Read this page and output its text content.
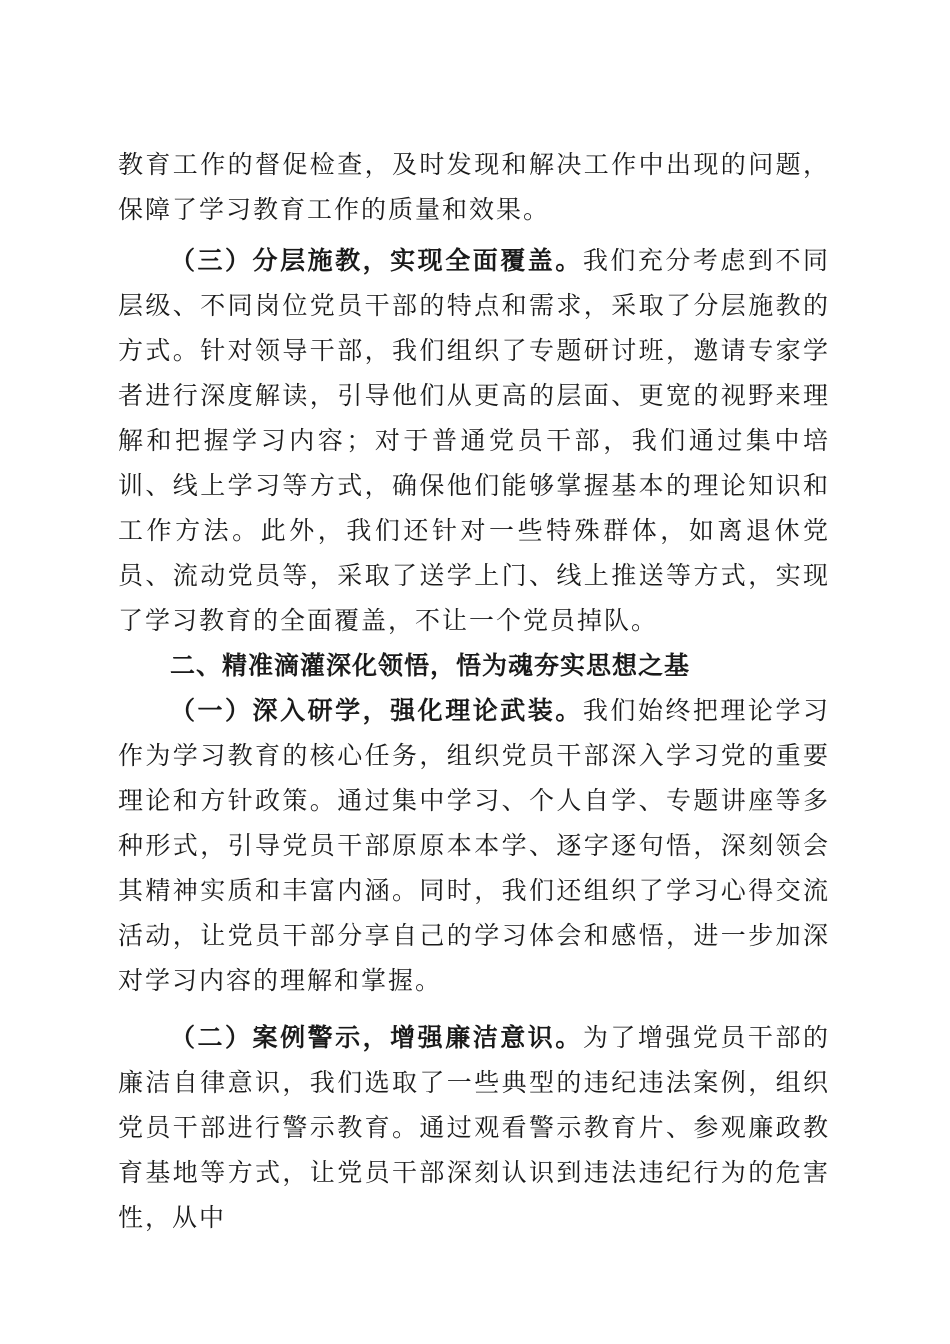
教育工作的督促检查，及时发现和解决工作中出现的问题，保障了学习教育工作的质量和效果。

（三）分层施教，实现全面覆盖。我们充分考虑到不同层级、不同岗位党员干部的特点和需求，采取了分层施教的方式。针对领导干部，我们组织了专题研讨班，邀请专家学者进行深度解读，引导他们从更高的层面、更宽的视野来理解和把握学习内容；对于普通党员干部，我们通过集中培训、线上学习等方式，确保他们能够掌握基本的理论知识和工作方法。此外，我们还针对一些特殊群体，如离退休党员、流动党员等，采取了送学上门、线上推送等方式，实现了学习教育的全面覆盖，不让一个党员掉队。

二、精准滴灌深化领悟，悟为魂夯实思想之基

（一）深入研学，强化理论武装。我们始终把理论学习作为学习教育的核心任务，组织党员干部深入学习党的重要理论和方针政策。通过集中学习、个人自学、专题讲座等多种形式，引导党员干部原原本本学、逐字逐句悟，深刻领会其精神实质和丰富内涵。同时，我们还组织了学习心得交流活动，让党员干部分享自己的学习体会和感悟，进一步加深对学习内容的理解和掌握。

（二）案例警示，增强廉洁意识。为了增强党员干部的廉洁自律意识，我们选取了一些典型的违纪违法案例，组织党员干部进行警示教育。通过观看警示教育片、参观廉政教育基地等方式，让党员干部深刻认识到违法违纪行为的危害性，从中
